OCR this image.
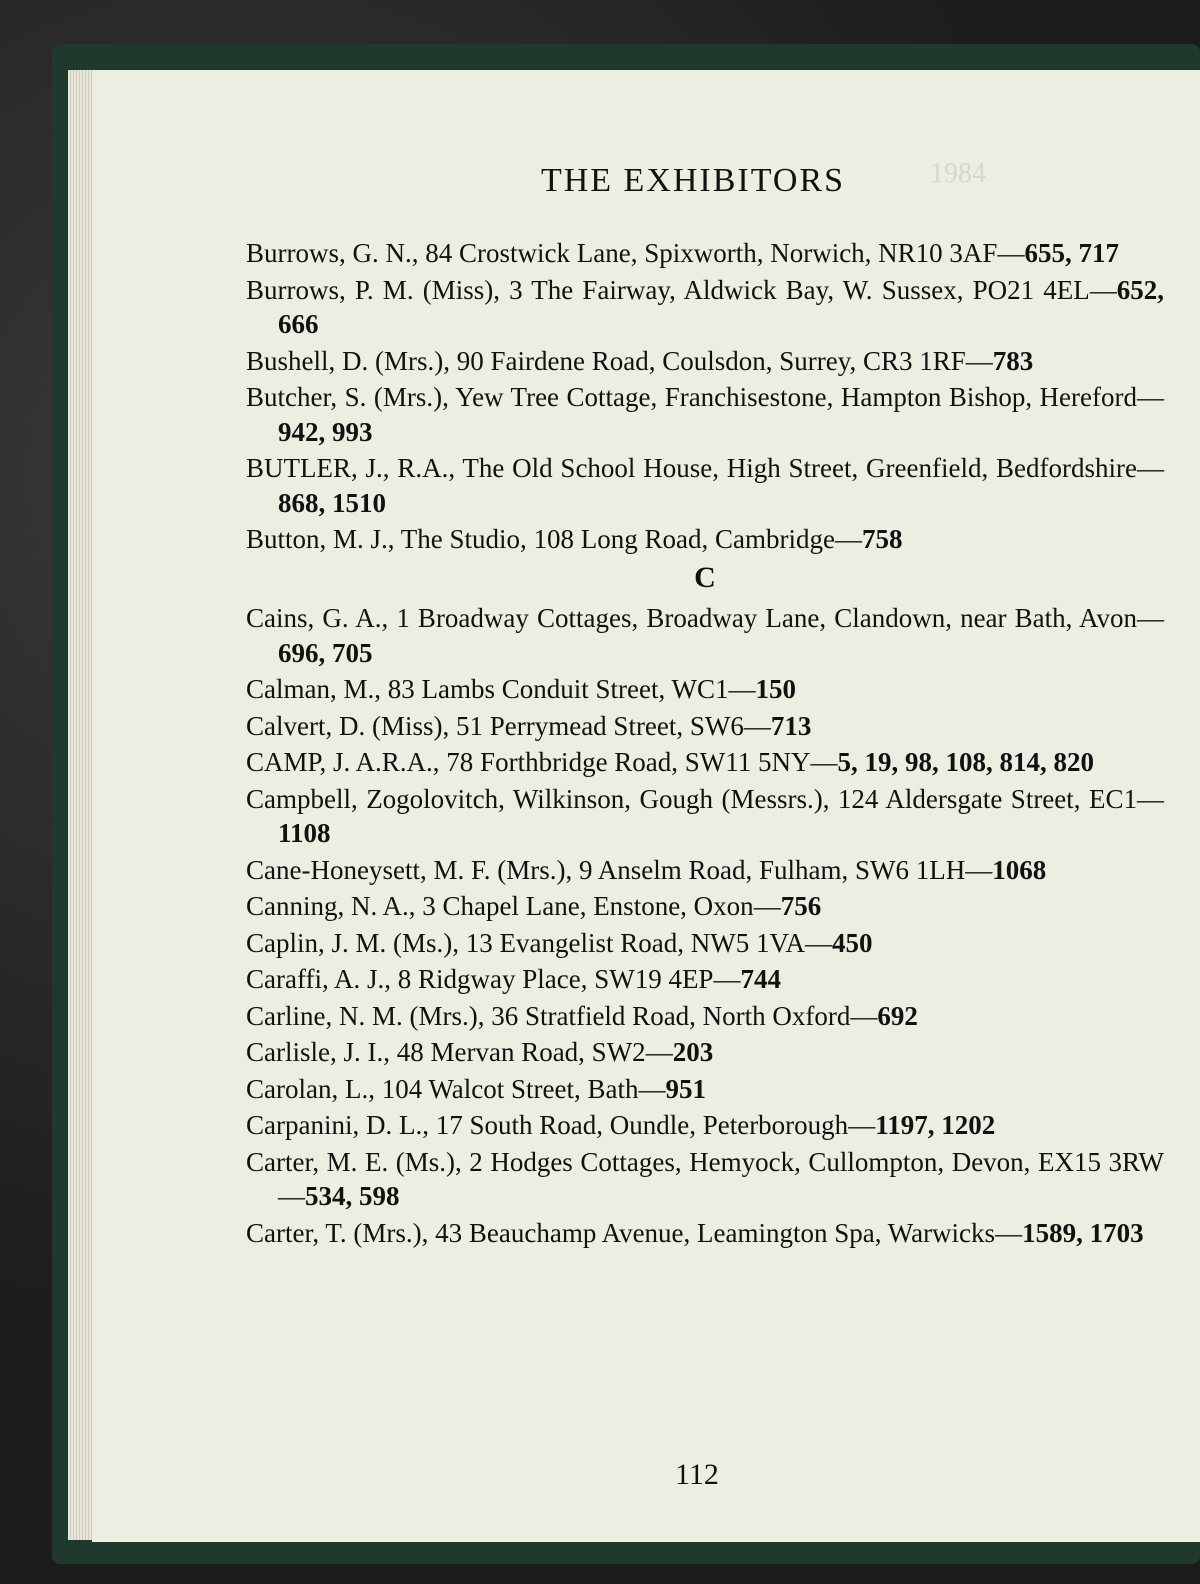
1984
THE EXHIBITORS
Burrows, G. N., 84 Crostwick Lane, Spixworth, Norwich, NR10 3AF—655, 717
Burrows, P. M. (Miss), 3 The Fairway, Aldwick Bay, W. Sussex, PO21 4EL—652, 666
Bushell, D. (Mrs.), 90 Fairdene Road, Coulsdon, Surrey, CR3 1RF—783
Butcher, S. (Mrs.), Yew Tree Cottage, Franchisestone, Hampton Bishop, Hereford—942, 993
BUTLER, J., R.A., The Old School House, High Street, Greenfield, Bedfordshire—868, 1510
Button, M. J., The Studio, 108 Long Road, Cambridge—758
C
Cains, G. A., 1 Broadway Cottages, Broadway Lane, Clandown, near Bath, Avon—696, 705
Calman, M., 83 Lambs Conduit Street, WC1—150
Calvert, D. (Miss), 51 Perrymead Street, SW6—713
CAMP, J. A.R.A., 78 Forthbridge Road, SW11 5NY—5, 19, 98, 108, 814, 820
Campbell, Zogolovitch, Wilkinson, Gough (Messrs.), 124 Aldersgate Street, EC1—1108
Cane-Honeysett, M. F. (Mrs.), 9 Anselm Road, Fulham, SW6 1LH—1068
Canning, N. A., 3 Chapel Lane, Enstone, Oxon—756
Caplin, J. M. (Ms.), 13 Evangelist Road, NW5 1VA—450
Caraffi, A. J., 8 Ridgway Place, SW19 4EP—744
Carline, N. M. (Mrs.), 36 Stratfield Road, North Oxford—692
Carlisle, J. I., 48 Mervan Road, SW2—203
Carolan, L., 104 Walcot Street, Bath—951
Carpanini, D. L., 17 South Road, Oundle, Peterborough—1197, 1202
Carter, M. E. (Ms.), 2 Hodges Cottages, Hemyock, Cullompton, Devon, EX15 3RW—534, 598
Carter, T. (Mrs.), 43 Beauchamp Avenue, Leamington Spa, Warwicks—1589, 1703
112
